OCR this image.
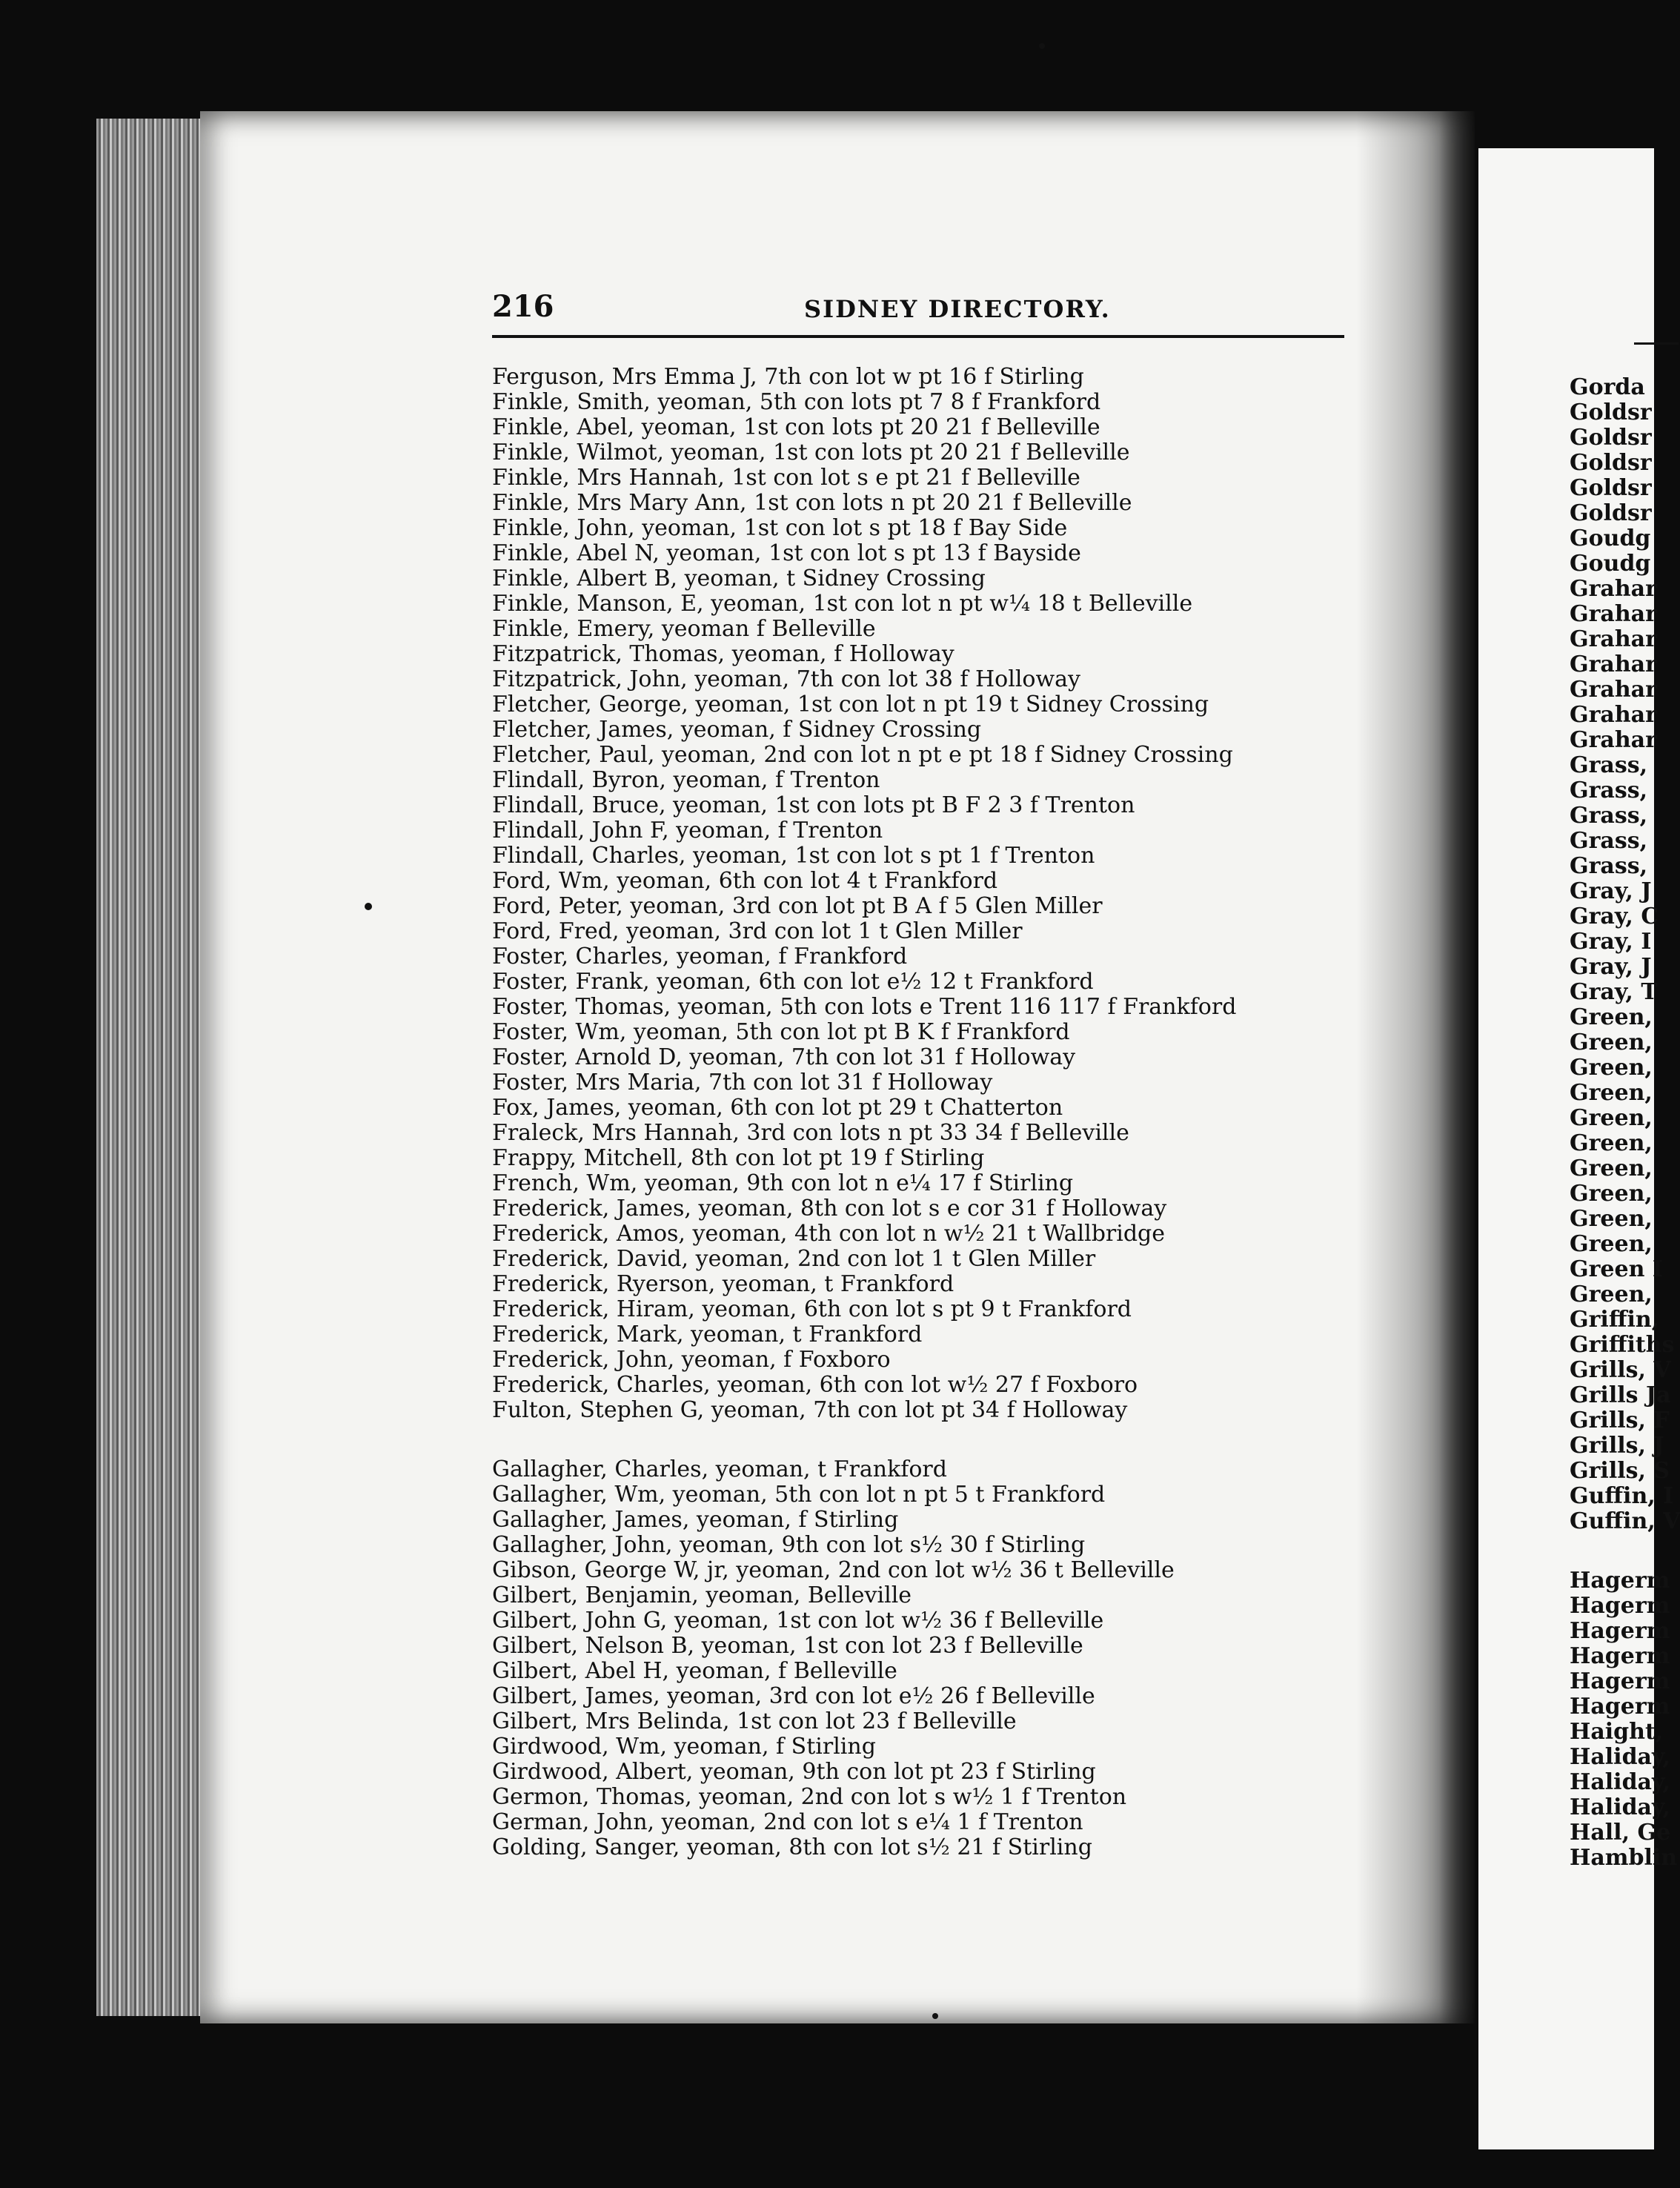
216	SIDNEY DIRECTORY.
Ferguson, Mrs Emma J, 7th con lot w pt 16 f Stirling
Finkle, Smith, yeoman, 5th con lots pt 7 8 f Frankford
Finkle, Abel, yeoman, 1st con lots pt 20 21 f Belleville
Finkle, Wilmot, yeoman, 1st con lots pt 20 21 f Belleville
Finkle, Mrs Hannah, 1st con lot s e pt 21 f Belleville
Finkle, Mrs Mary Ann, 1st con lots n pt 20 21 f Belleville
Finkle, John, yeoman, 1st con lot s pt 18 f Bay Side
Finkle, Abel N, yeoman, 1st con lot s pt 13 f Bayside
Finkle, Albert B, yeoman, t Sidney Crossing
Finkle, Manson, E, yeoman, 1st con lot n pt w¼ 18 t Belleville
Finkle, Emery, yeoman f Belleville
Fitzpatrick, Thomas, yeoman, f Holloway
Fitzpatrick, John, yeoman, 7th con lot 38 f Holloway
Fletcher, George, yeoman, 1st con lot n pt 19 t Sidney Crossing
Fletcher, James, yeoman, f Sidney Crossing
Fletcher, Paul, yeoman, 2nd con lot n pt e pt 18 f Sidney Crossing
Flindall, Byron, yeoman, f Trenton
Flindall, Bruce, yeoman, 1st con lots pt B F 2 3 f Trenton
Flindall, John F, yeoman, f Trenton
Flindall, Charles, yeoman, 1st con lot s pt 1 f Trenton
Ford, Wm, yeoman, 6th con lot 4 t Frankford
Ford, Peter, yeoman, 3rd con lot pt B A f 5 Glen Miller
Ford, Fred, yeoman, 3rd con lot 1 t Glen Miller
Foster, Charles, yeoman, f Frankford
Foster, Frank, yeoman, 6th con lot e½ 12 t Frankford
Foster, Thomas, yeoman, 5th con lots e Trent 116 117 f Frankford
Foster, Wm, yeoman, 5th con lot pt B K f Frankford
Foster, Arnold D, yeoman, 7th con lot 31 f Holloway
Foster, Mrs Maria, 7th con lot 31 f Holloway
Fox, James, yeoman, 6th con lot pt 29 t Chatterton
Fraleck, Mrs Hannah, 3rd con lots n pt 33 34 f Belleville
Frappy, Mitchell, 8th con lot pt 19 f Stirling
French, Wm, yeoman, 9th con lot n e¼ 17 f Stirling
Frederick, James, yeoman, 8th con lot s e cor 31 f Holloway
Frederick, Amos, yeoman, 4th con lot n w½ 21 t Wallbridge
Frederick, David, yeoman, 2nd con lot 1 t Glen Miller
Frederick, Ryerson, yeoman, t Frankford
Frederick, Hiram, yeoman, 6th con lot s pt 9 t Frankford
Frederick, Mark, yeoman, t Frankford
Frederick, John, yeoman, f Foxboro
Frederick, Charles, yeoman, 6th con lot w½ 27 f Foxboro
Fulton, Stephen G, yeoman, 7th con lot pt 34 f Holloway
Gallagher, Charles, yeoman, t Frankford
Gallagher, Wm, yeoman, 5th con lot n pt 5 t Frankford
Gallagher, James, yeoman, f Stirling
Gallagher, John, yeoman, 9th con lot s½ 30 f Stirling
Gibson, George W, jr, yeoman, 2nd con lot w½ 36 t Belleville
Gilbert, Benjamin, yeoman, Belleville
Gilbert, John G, yeoman, 1st con lot w½ 36 f Belleville
Gilbert, Nelson B, yeoman, 1st con lot 23 f Belleville
Gilbert, Abel H, yeoman, f Belleville
Gilbert, James, yeoman, 3rd con lot e½ 26 f Belleville
Gilbert, Mrs Belinda, 1st con lot 23 f Belleville
Girdwood, Wm, yeoman, f Stirling
Girdwood, Albert, yeoman, 9th con lot pt 23 f Stirling
Germon, Thomas, yeoman, 2nd con lot s w½ 1 f Trenton
German, John, yeoman, 2nd con lot s e¼ 1 f Trenton
Golding, Sanger, yeoman, 8th con lot s½ 21 f Stirling
Gorda
Goldsr
Goldsr
Goldsr
Goldsr
Goldsr
Goudg
Goudg
Grahar
Grahar
Grahar
Grahar
Grahar
Grahar
Grahar
Grass,
Grass,
Grass,
Grass,
Grass,
Gray, J
Gray, C
Gray, I
Gray, J
Gray, T
Green,
Green,
Green,
Green,
Green,
Green,
Green,
Green,
Green,
Green,
Green I
Green,
Griffin,
Griffiths
Grills, V
Grills Ja
Grills, F
Grills, J
Grills, S
Guffin, I
Guffin, V
Hagerm
Hagerm
Hagerm
Hagerm
Hagerm
Hagerm
Haight,
Haliday,
Haliday,
Haliday,
Hall, Ge
Hamblin
